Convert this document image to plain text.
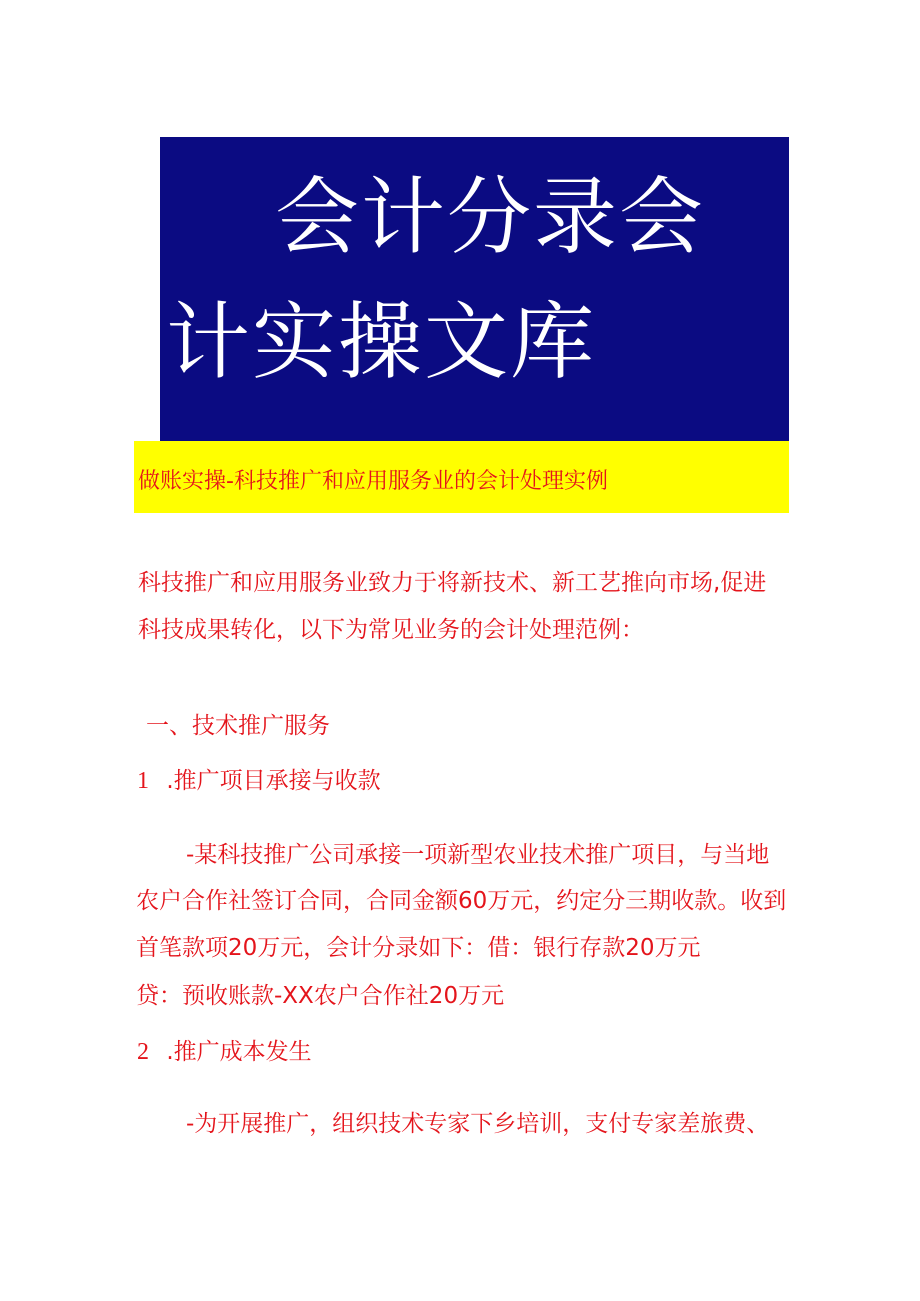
会计分录会
计实操文库
做账实操-科技推广和应用服务业的会计处理实例
科技推广和应用服务业致力于将新技术、新工艺推向市场,促进
科技成果转化，以下为常见业务的会计处理范例：
一、技术推广服务
1 .推广项目承接与收款
-某科技推广公司承接一项新型农业技术推广项目，与当地
农户合作社签订合同，合同金额60万元，约定分三期收款。收到
首笔款项20万元，会计分录如下：借：银行存款20万元
贷：预收账款-XX农户合作社20万元
2 .推广成本发生
-为开展推广，组织技术专家下乡培训，支付专家差旅费、
